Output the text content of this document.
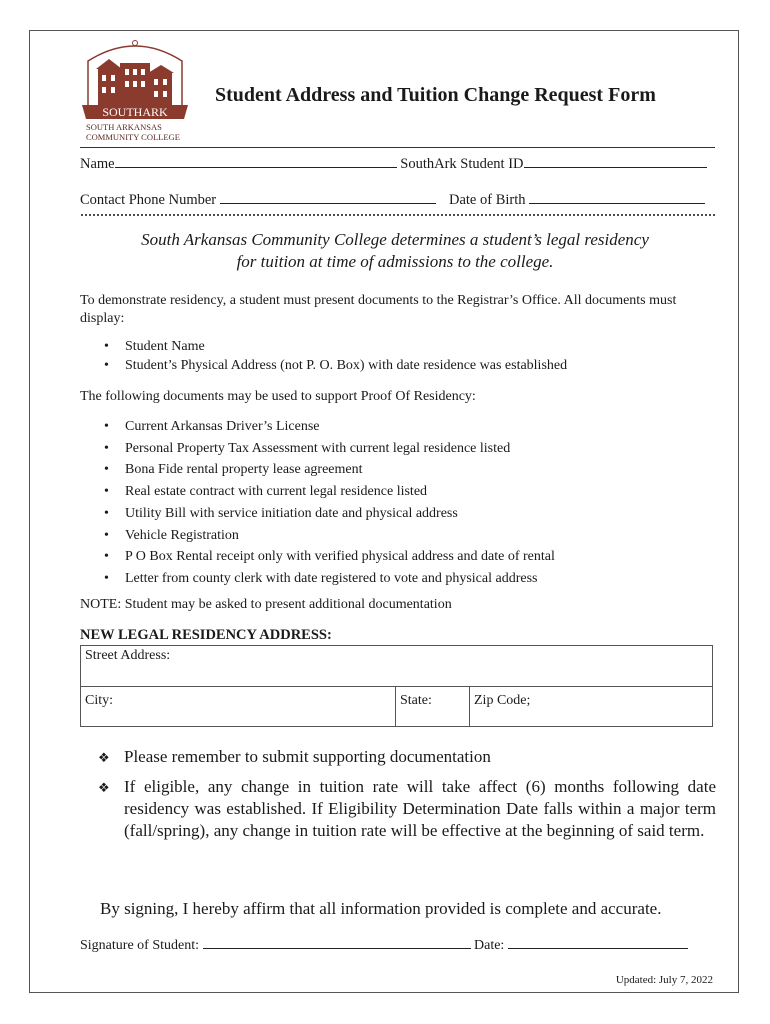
SOUTHARK
SOUTH ARKANSAS
COMMUNITY COLLEGE
Student Address and Tuition Change Request Form
Name	SouthArk Student ID
Contact Phone Number	Date of Birth
South Arkansas Community College determines a student’s legal residency
for tuition at time of admissions to the college.
To demonstrate residency, a student must present documents to the Registrar’s Office. All documents must display:
• Student Name
• Student’s Physical Address (not P. O. Box) with date residence was established
The following documents may be used to support Proof Of Residency:
• Current Arkansas Driver’s License
• Personal Property Tax Assessment with current legal residence listed
• Bona Fide rental property lease agreement
• Real estate contract with current legal residence listed
• Utility Bill with service initiation date and physical address
• Vehicle Registration
• P O Box Rental receipt only with verified physical address and date of rental
• Letter from county clerk with date registered to vote and physical address
NOTE: Student may be asked to present additional documentation
NEW LEGAL RESIDENCY ADDRESS:
Street Address:
City:	State:	Zip Code;
❖ Please remember to submit supporting documentation
❖ If eligible, any change in tuition rate will take affect (6) months following date residency was established. If Eligibility Determination Date falls within a major term (fall/spring), any change in tuition rate will be effective at the beginning of said term.
By signing, I hereby affirm that all information provided is complete and accurate.
Signature of Student:	Date:
Updated: July 7, 2022
